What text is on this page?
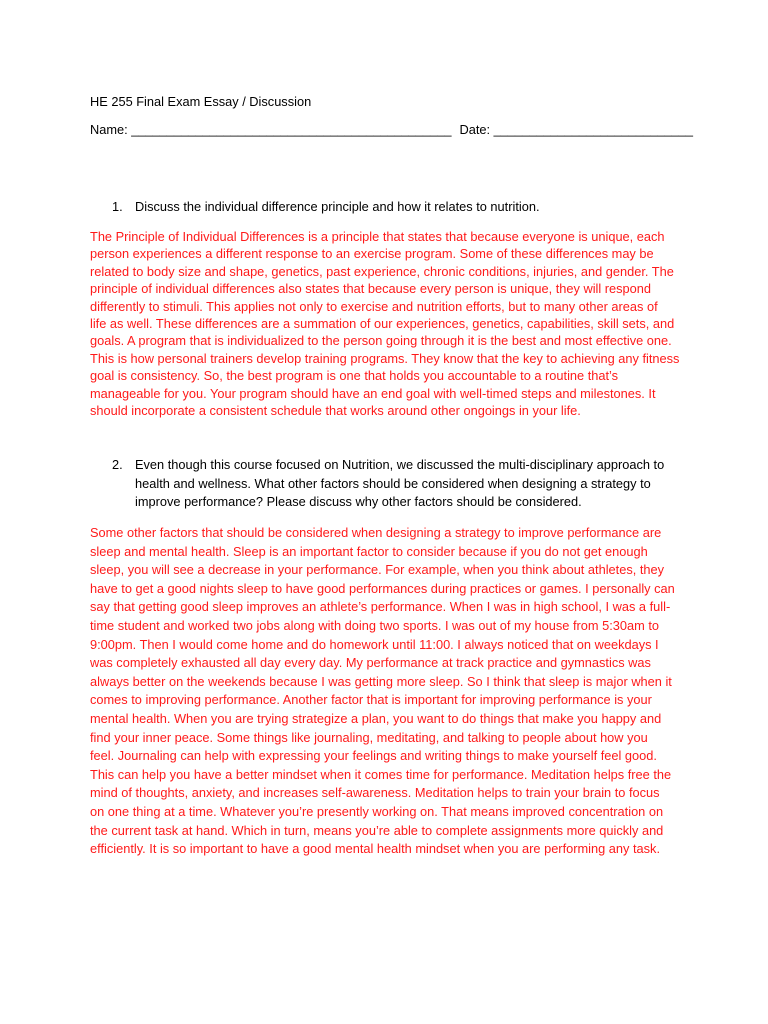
HE 255 Final Exam Essay / Discussion
Name: _____________________________________________ Date: ____________________________
1. Discuss the individual difference principle and how it relates to nutrition.
The Principle of Individual Differences is a principle that states that because everyone is unique, each
person experiences a different response to an exercise program. Some of these differences may be
related to body size and shape, genetics, past experience, chronic conditions, injuries, and gender. The
principle of individual differences also states that because every person is unique, they will respond
differently to stimuli. This applies not only to exercise and nutrition efforts, but to many other areas of
life as well. These differences are a summation of our experiences, genetics, capabilities, skill sets, and
goals. A program that is individualized to the person going through it is the best and most effective one.
This is how personal trainers develop training programs. They know that the key to achieving any fitness
goal is consistency. So, the best program is one that holds you accountable to a routine that’s
manageable for you. Your program should have an end goal with well-timed steps and milestones. It
should incorporate a consistent schedule that works around other ongoings in your life.
2. Even though this course focused on Nutrition, we discussed the multi-disciplinary approach to
health and wellness. What other factors should be considered when designing a strategy to
improve performance? Please discuss why other factors should be considered.
Some other factors that should be considered when designing a strategy to improve performance are
sleep and mental health. Sleep is an important factor to consider because if you do not get enough
sleep, you will see a decrease in your performance. For example, when you think about athletes, they
have to get a good nights sleep to have good performances during practices or games. I personally can
say that getting good sleep improves an athlete’s performance. When I was in high school, I was a full-
time student and worked two jobs along with doing two sports. I was out of my house from 5:30am to
9:00pm. Then I would come home and do homework until 11:00. I always noticed that on weekdays I
was completely exhausted all day every day. My performance at track practice and gymnastics was
always better on the weekends because I was getting more sleep. So I think that sleep is major when it
comes to improving performance. Another factor that is important for improving performance is your
mental health. When you are trying strategize a plan, you want to do things that make you happy and
find your inner peace. Some things like journaling, meditating, and talking to people about how you
feel. Journaling can help with expressing your feelings and writing things to make yourself feel good.
This can help you have a better mindset when it comes time for performance. Meditation helps free the
mind of thoughts, anxiety, and increases self-awareness. Meditation helps to train your brain to focus
on one thing at a time. Whatever you’re presently working on. That means improved concentration on
the current task at hand. Which in turn, means you’re able to complete assignments more quickly and
efficiently. It is so important to have a good mental health mindset when you are performing any task.
